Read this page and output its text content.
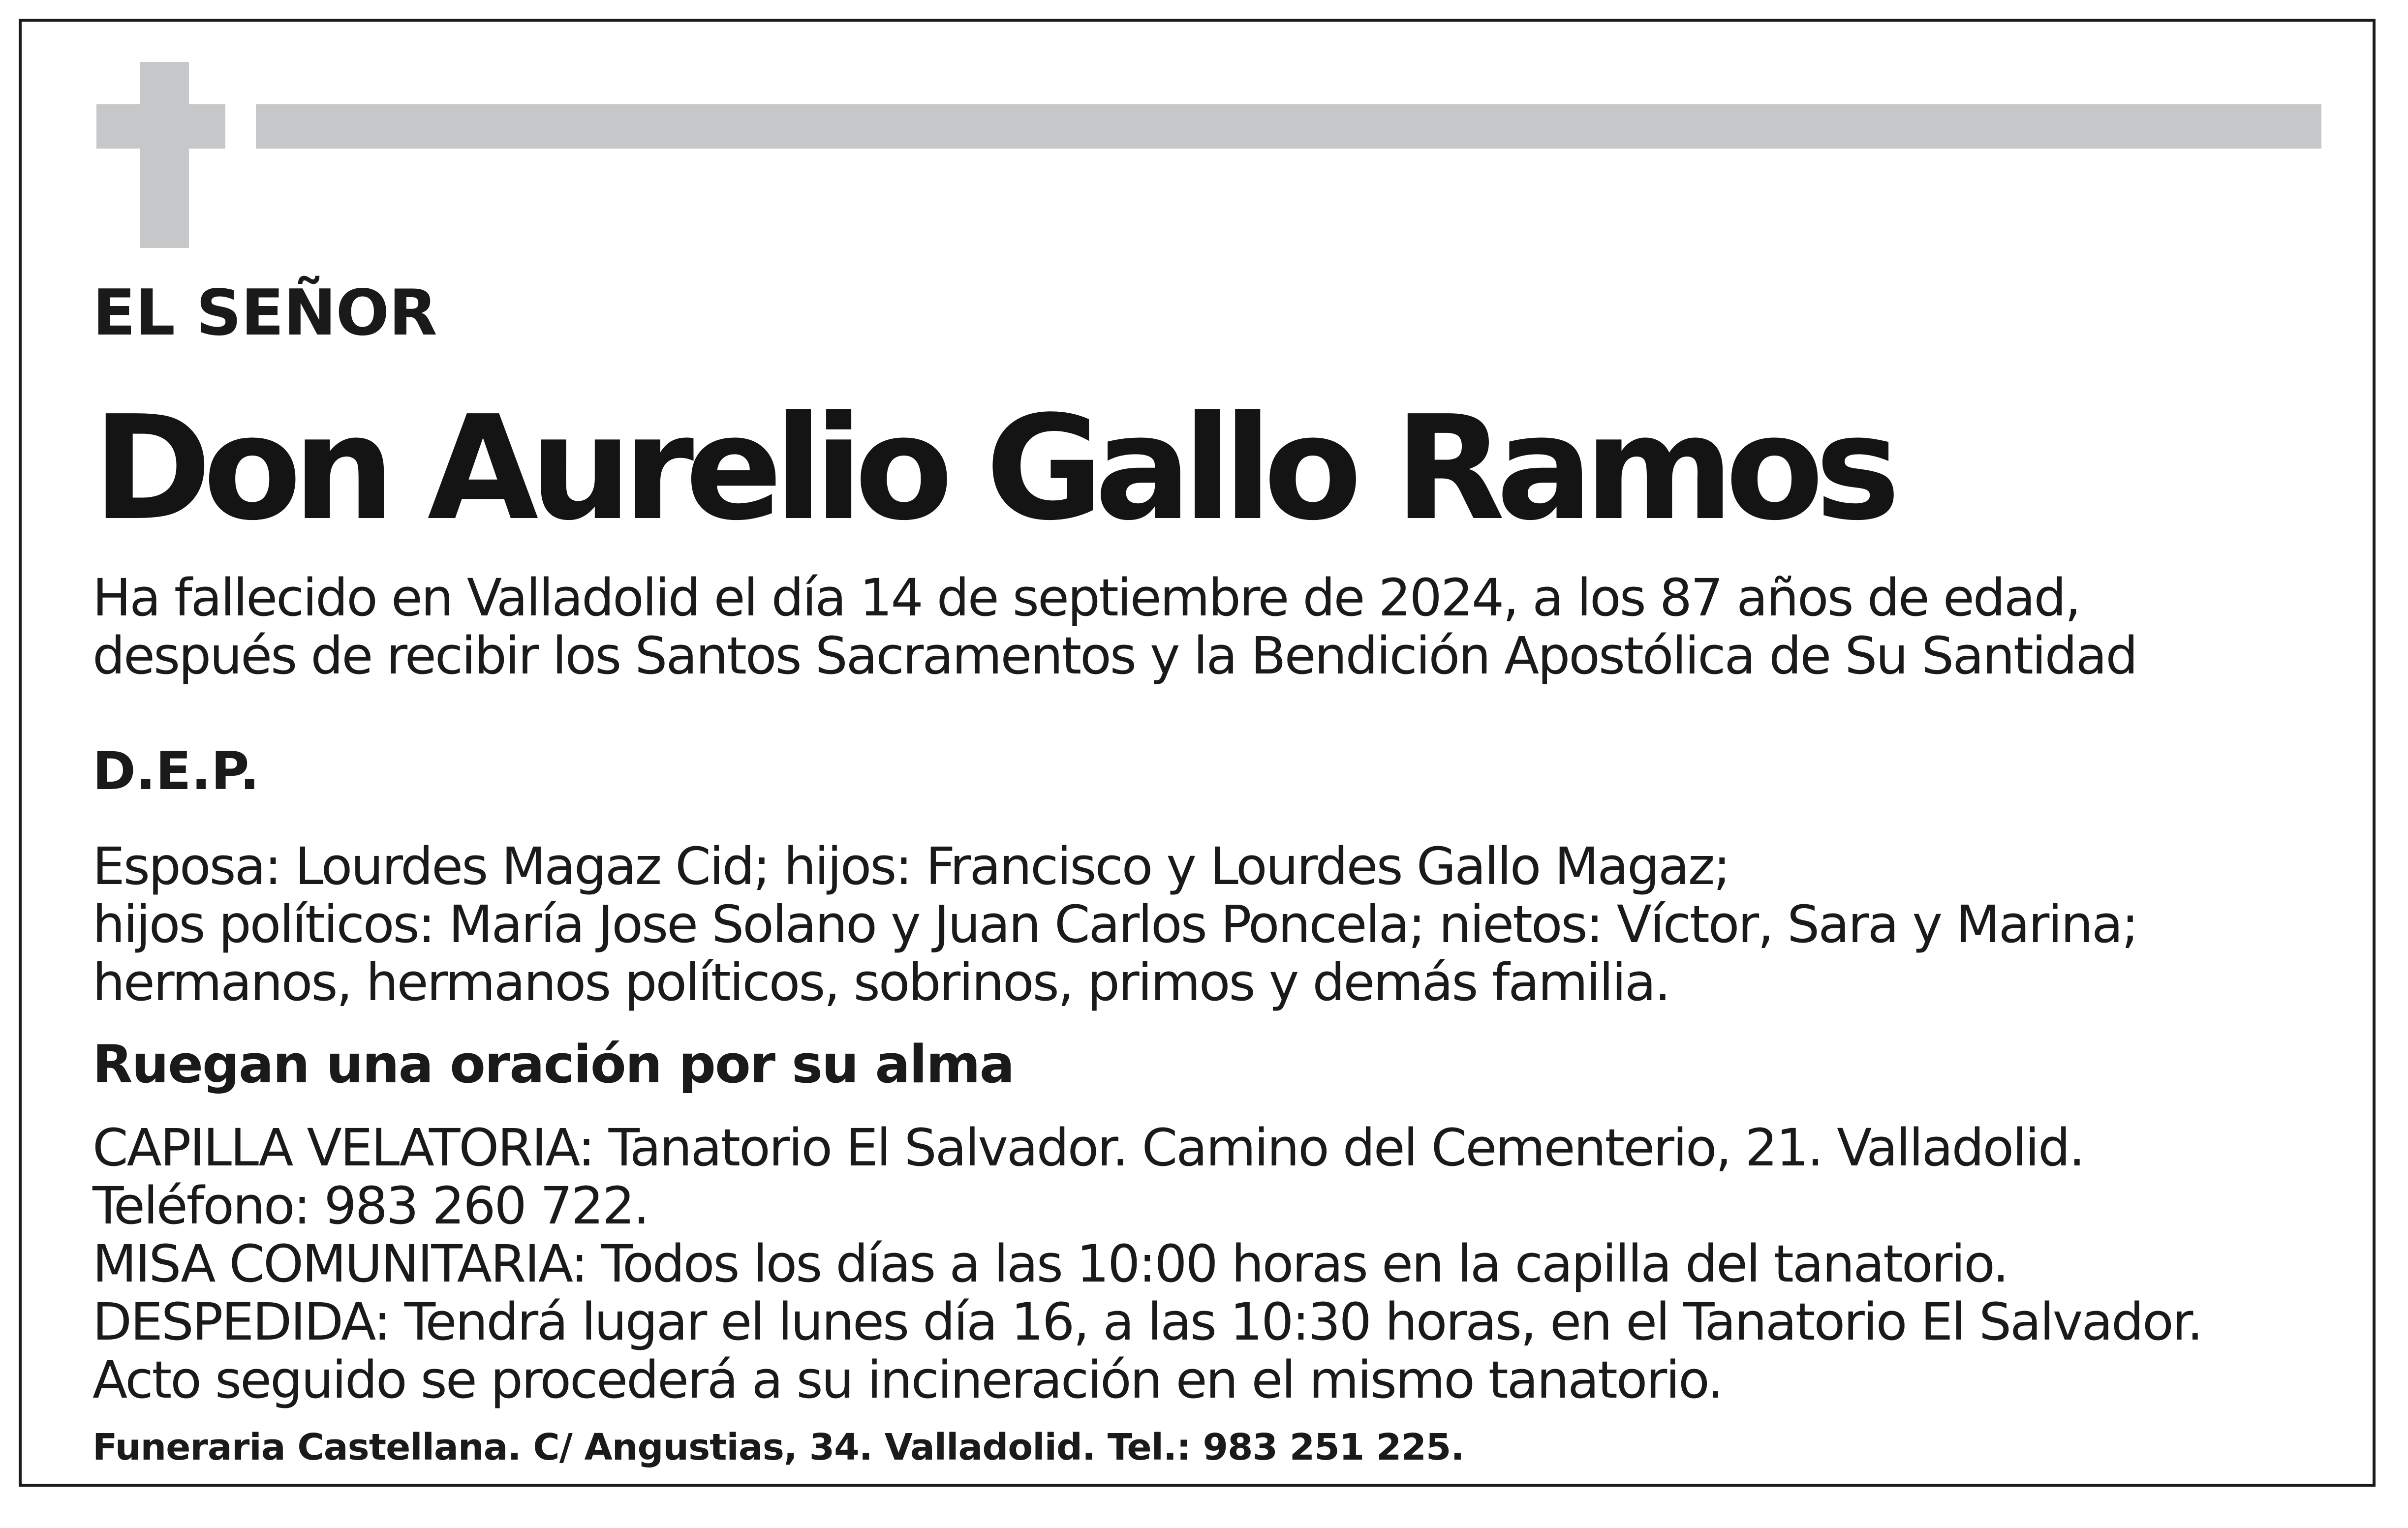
EL SEÑOR
Don Aurelio Gallo Ramos
Ha fallecido en Valladolid el día 14 de septiembre de 2024, a los 87 años de edad,
después de recibir los Santos Sacramentos y la Bendición Apostólica de Su Santidad
D.E.P.
Esposa: Lourdes Magaz Cid; hijos: Francisco y Lourdes Gallo Magaz;
hijos políticos: María Jose Solano y Juan Carlos Poncela; nietos: Víctor, Sara y Marina;
hermanos, hermanos políticos, sobrinos, primos y demás familia.
Ruegan una oración por su alma
CAPILLA VELATORIA: Tanatorio El Salvador. Camino del Cementerio, 21. Valladolid.
Teléfono: 983 260 722.
MISA COMUNITARIA: Todos los días a las 10:00 horas en la capilla del tanatorio.
DESPEDIDA: Tendrá lugar el lunes día 16, a las 10:30 horas, en el Tanatorio El Salvador.
Acto seguido se procederá a su incineración en el mismo tanatorio.
Funeraria Castellana. C/ Angustias, 34. Valladolid. Tel.: 983 251 225.
